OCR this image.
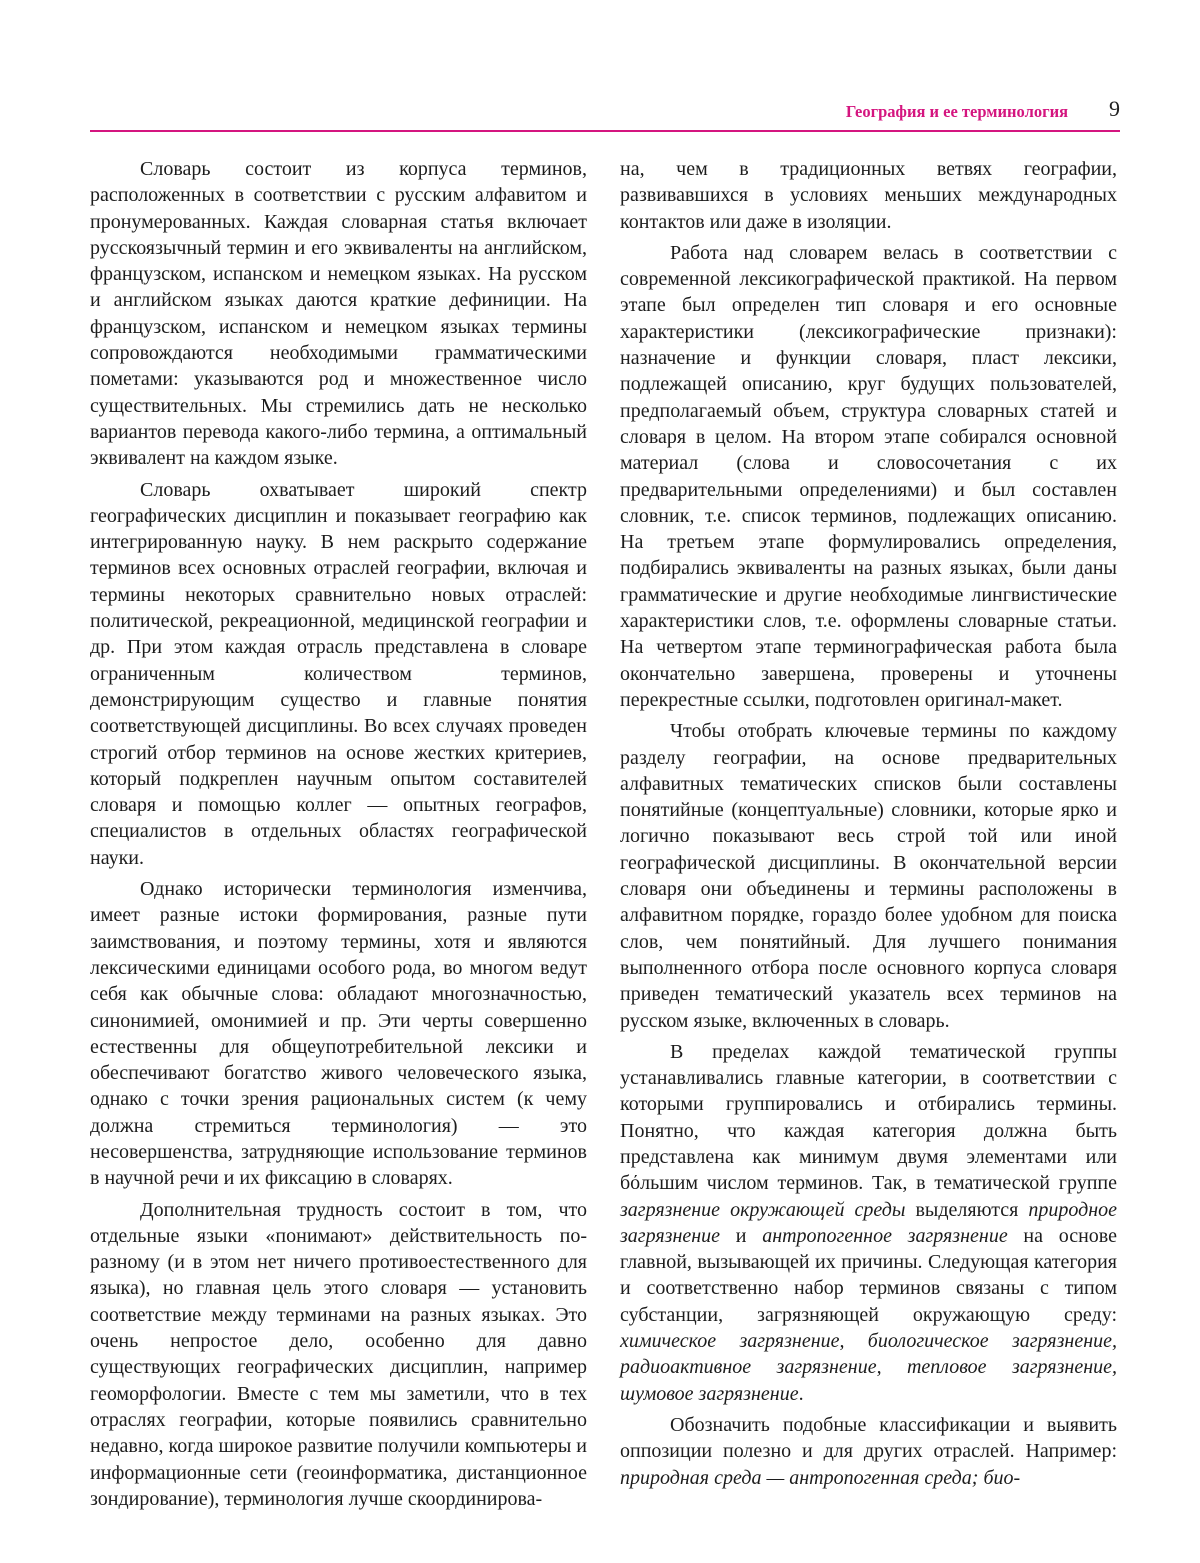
География и ее терминология 9

Словарь состоит из корпуса терминов, расположенных в соответствии с русским алфавитом и пронумерованных. Каждая словарная статья включает русскоязычный термин и его эквиваленты на английском, французском, испанском и немецком языках. На русском и английском языках даются краткие дефиниции. На французском, испанском и немецком языках термины сопровождаются необходимыми грамматическими пометами: указываются род и множественное число существительных. Мы стремились дать не несколько вариантов перевода какого-либо термина, а оптимальный эквивалент на каждом языке.

Словарь охватывает широкий спектр географических дисциплин и показывает географию как интегрированную науку. В нем раскрыто содержание терминов всех основных отраслей географии, включая и термины некоторых сравнительно новых отраслей: политической, рекреационной, медицинской географии и др. При этом каждая отрасль представлена в словаре ограниченным количеством терминов, демонстрирующим существо и главные понятия соответствующей дисциплины. Во всех случаях проведен строгий отбор терминов на основе жестких критериев, который подкреплен научным опытом составителей словаря и помощью коллег — опытных географов, специалистов в отдельных областях географической науки.

Однако исторически терминология изменчива, имеет разные истоки формирования, разные пути заимствования, и поэтому термины, хотя и являются лексическими единицами особого рода, во многом ведут себя как обычные слова: обладают многозначностью, синонимией, омонимией и пр. Эти черты совершенно естественны для общеупотребительной лексики и обеспечивают богатство живого человеческого языка, однако с точки зрения рациональных систем (к чему должна стремиться терминология) — это несовершенства, затрудняющие использование терминов в научной речи и их фиксацию в словарях.

Дополнительная трудность состоит в том, что отдельные языки «понимают» действительность по-разному (и в этом нет ничего противоестественного для языка), но главная цель этого словаря — установить соответствие между терминами на разных языках. Это очень непростое дело, особенно для давно существующих географических дисциплин, например геоморфологии. Вместе с тем мы заметили, что в тех отраслях географии, которые появились сравнительно недавно, когда широкое развитие получили компьютеры и информационные сети (геоинформатика, дистанционное зондирование), терминология лучше скоординирова-

на, чем в традиционных ветвях географии, развивавшихся в условиях меньших международных контактов или даже в изоляции.

Работа над словарем велась в соответствии с современной лексикографической практикой. На первом этапе был определен тип словаря и его основные характеристики (лексикографические признаки): назначение и функции словаря, пласт лексики, подлежащей описанию, круг будущих пользователей, предполагаемый объем, структура словарных статей и словаря в целом. На втором этапе собирался основной материал (слова и словосочетания с их предварительными определениями) и был составлен словник, т.е. список терминов, подлежащих описанию. На третьем этапе формулировались определения, подбирались эквиваленты на разных языках, были даны грамматические и другие необходимые лингвистические характеристики слов, т.е. оформлены словарные статьи. На четвертом этапе терминографическая работа была окончательно завершена, проверены и уточнены перекрестные ссылки, подготовлен оригинал-макет.

Чтобы отобрать ключевые термины по каждому разделу географии, на основе предварительных алфавитных тематических списков были составлены понятийные (концептуальные) словники, которые ярко и логично показывают весь строй той или иной географической дисциплины. В окончательной версии словаря они объединены и термины расположены в алфавитном порядке, гораздо более удобном для поиска слов, чем понятийный. Для лучшего понимания выполненного отбора после основного корпуса словаря приведен тематический указатель всех терминов на русском языке, включенных в словарь.

В пределах каждой тематической группы устанавливались главные категории, в соответствии с которыми группировались и отбирались термины. Понятно, что каждая категория должна быть представлена как минимум двумя элементами или бόльшим числом терминов. Так, в тематической группе загрязнение окружающей среды выделяются природное загрязнение и антропогенное загрязнение на основе главной, вызывающей их причины. Следующая категория и соответственно набор терминов связаны с типом субстанции, загрязняющей окружающую среду: химическое загрязнение, биологическое загрязнение, радиоактивное загрязнение, тепловое загрязнение, шумовое загрязнение.

Обозначить подобные классификации и выявить оппозиции полезно и для других отраслей. Например: природная среда — антропогенная среда; био-
